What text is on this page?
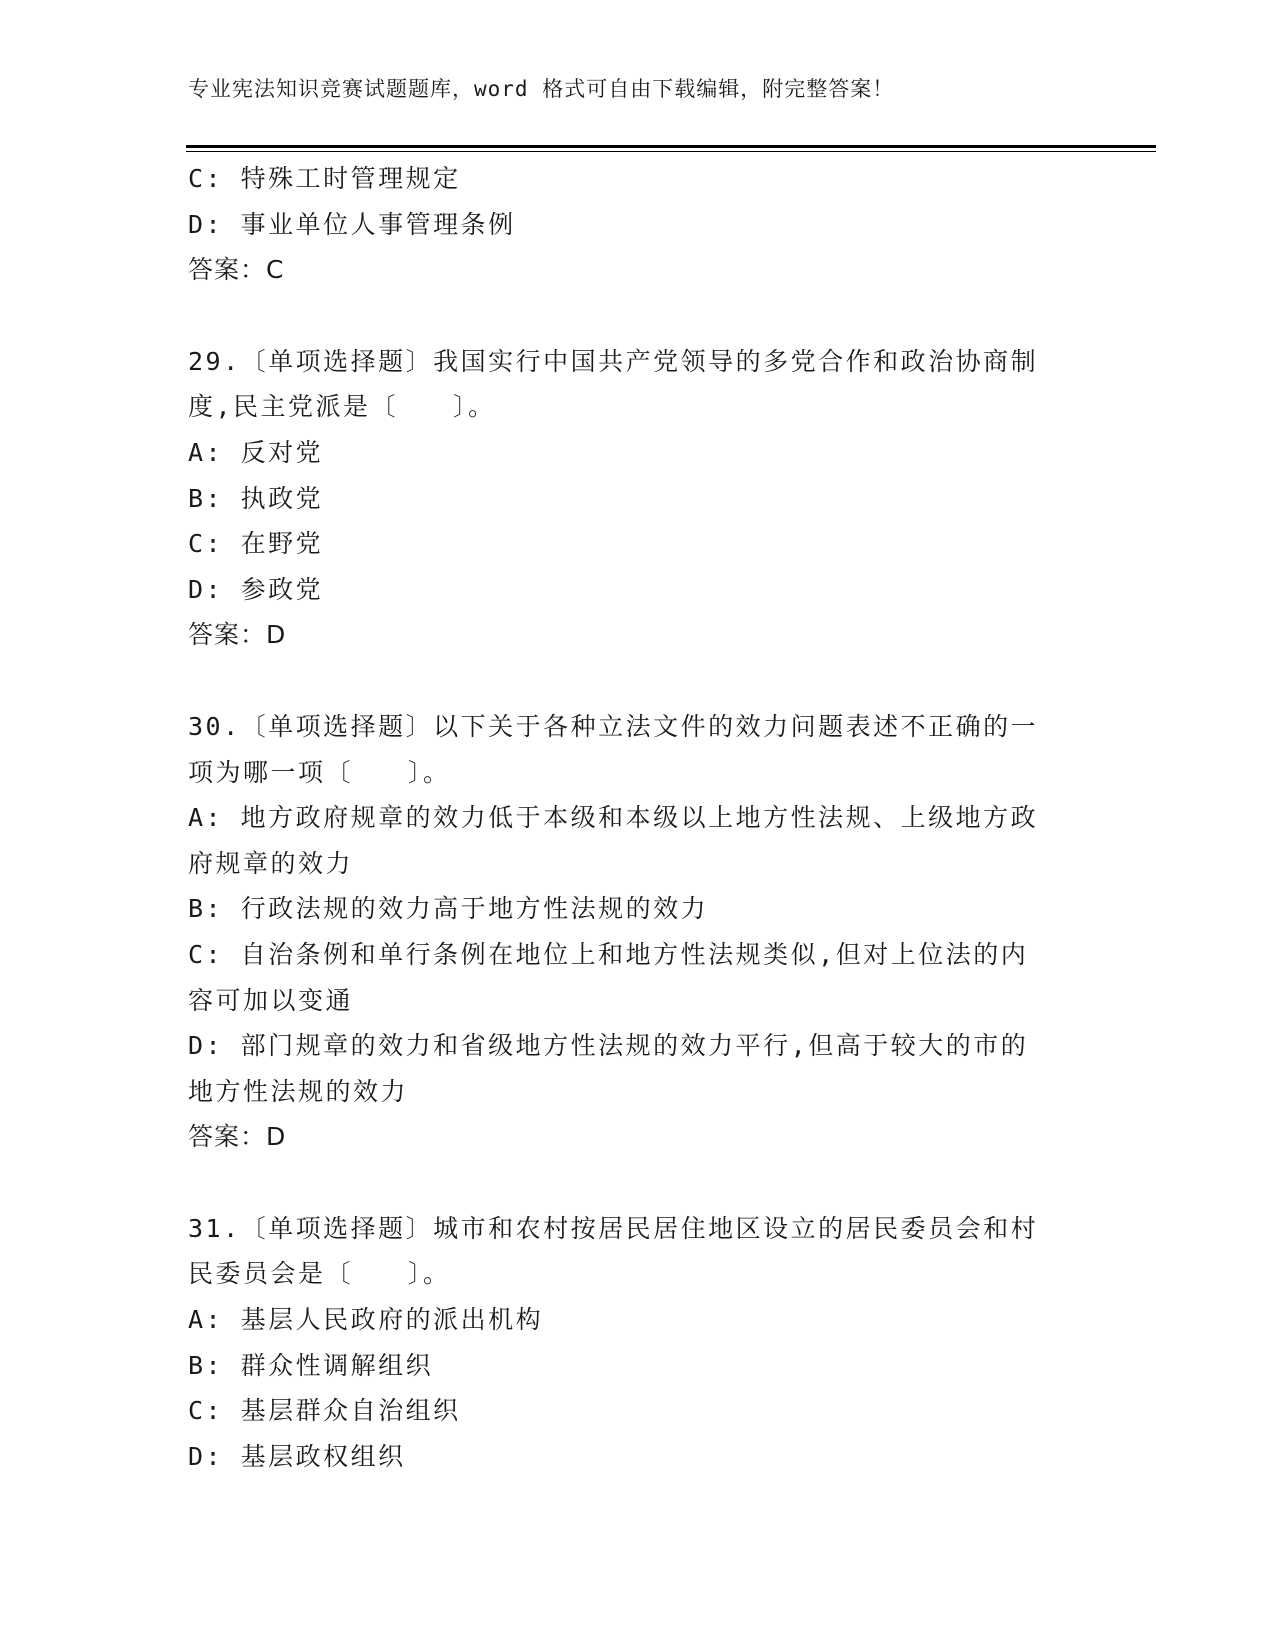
专业宪法知识竞赛试题题库，word 格式可自由下载编辑，附完整答案！
C: 特殊工时管理规定
D: 事业单位人事管理条例
答案：C
29.〔单项选择题〕我国实行中国共产党领导的多党合作和政治协商制
度,民主党派是〔　　〕。
A: 反对党
B: 执政党
C: 在野党
D: 参政党
答案：D
30.〔单项选择题〕以下关于各种立法文件的效力问题表述不正确的一
项为哪一项〔　　〕。
A: 地方政府规章的效力低于本级和本级以上地方性法规、上级地方政
府规章的效力
B: 行政法规的效力高于地方性法规的效力
C: 自治条例和单行条例在地位上和地方性法规类似,但对上位法的内
容可加以变通
D: 部门规章的效力和省级地方性法规的效力平行,但高于较大的市的
地方性法规的效力
答案：D
31.〔单项选择题〕城市和农村按居民居住地区设立的居民委员会和村
民委员会是〔　　〕。
A: 基层人民政府的派出机构
B: 群众性调解组织
C: 基层群众自治组织
D: 基层政权组织
